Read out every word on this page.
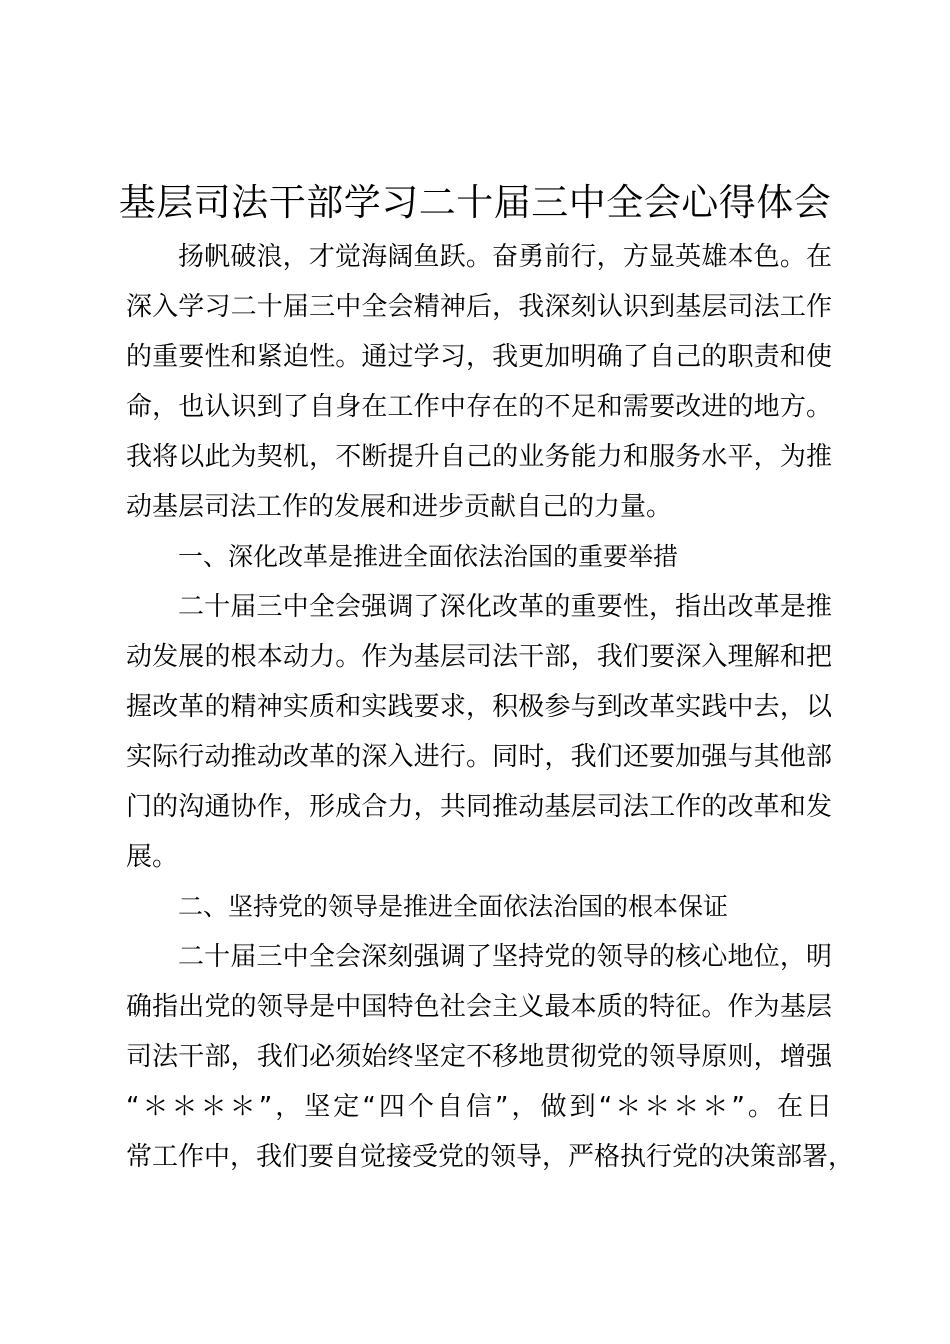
基层司法干部学习二十届三中全会心得体会
扬帆破浪，才觉海阔鱼跃。奋勇前行，方显英雄本色。在
深入学习二十届三中全会精神后，我深刻认识到基层司法工作
的重要性和紧迫性。通过学习，我更加明确了自己的职责和使
命，也认识到了自身在工作中存在的不足和需要改进的地方。
我将以此为契机，不断提升自己的业务能力和服务水平，为推
动基层司法工作的发展和进步贡献自己的力量。
一、深化改革是推进全面依法治国的重要举措
二十届三中全会强调了深化改革的重要性，指出改革是推
动发展的根本动力。作为基层司法干部，我们要深入理解和把
握改革的精神实质和实践要求，积极参与到改革实践中去，以
实际行动推动改革的深入进行。同时，我们还要加强与其他部
门的沟通协作，形成合力，共同推动基层司法工作的改革和发
展。
二、坚持党的领导是推进全面依法治国的根本保证
二十届三中全会深刻强调了坚持党的领导的核心地位，明
确指出党的领导是中国特色社会主义最本质的特征。作为基层
司法干部，我们必须始终坚定不移地贯彻党的领导原则，增强
“＊＊＊＊”，坚定“四个自信”，做到“＊＊＊＊”。在日
常工作中，我们要自觉接受党的领导，严格执行党的决策部署，
